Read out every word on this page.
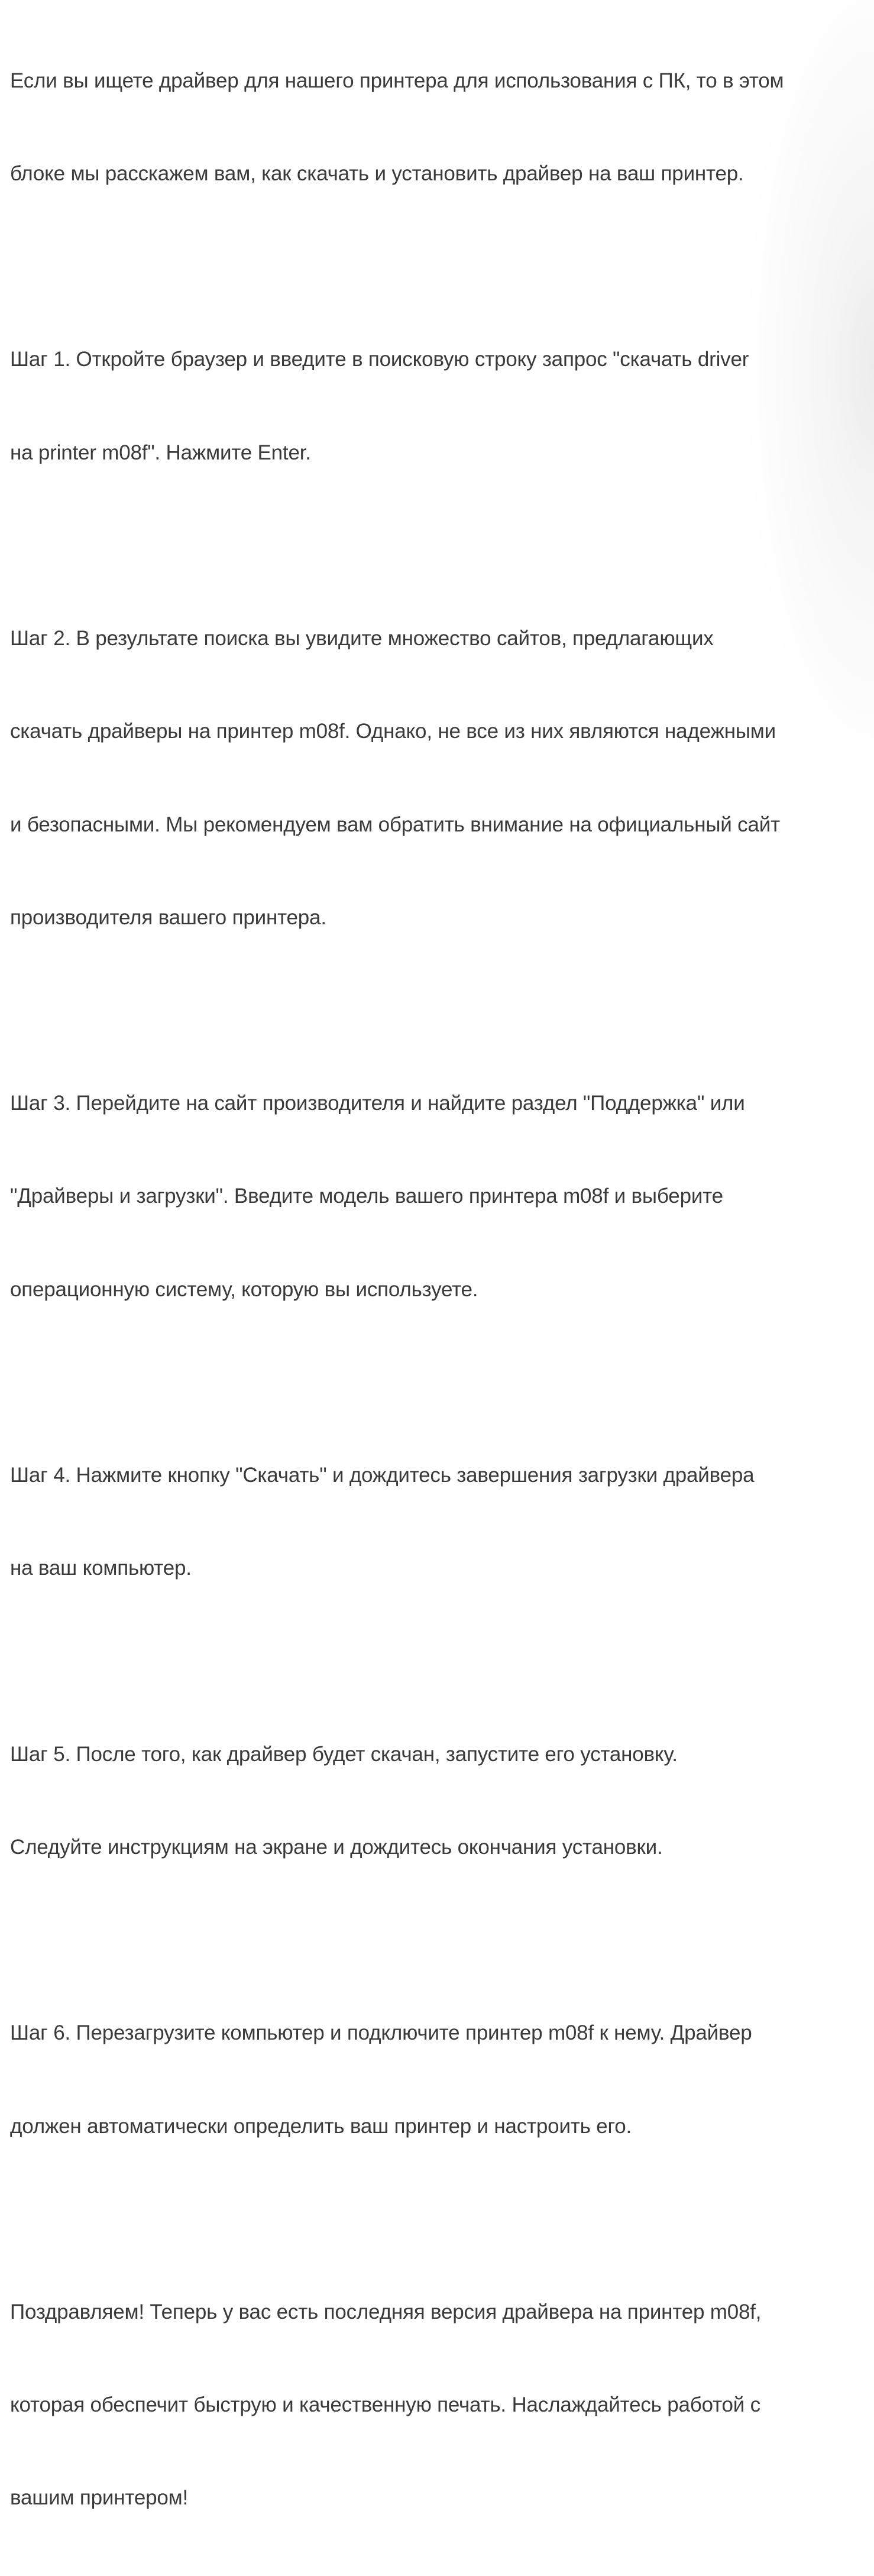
Если вы ищете драйвер для нашего принтера для использования с ПК, то в этом

блоке мы расскажем вам, как скачать и установить драйвер на ваш принтер.

Шаг 1. Откройте браузер и введите в поисковую строку запрос "скачать driver

на printer m08f". Нажмите Enter.

Шаг 2. В результате поиска вы увидите множество сайтов, предлагающих

скачать драйверы на принтер m08f. Однако, не все из них являются надежными

и безопасными. Мы рекомендуем вам обратить внимание на официальный сайт

производителя вашего принтера.

Шаг 3. Перейдите на сайт производителя и найдите раздел "Поддержка" или

"Драйверы и загрузки". Введите модель вашего принтера m08f и выберите

операционную систему, которую вы используете.

Шаг 4. Нажмите кнопку "Скачать" и дождитесь завершения загрузки драйвера

на ваш компьютер.

Шаг 5. После того, как драйвер будет скачан, запустите его установку.

Следуйте инструкциям на экране и дождитесь окончания установки.

Шаг 6. Перезагрузите компьютер и подключите принтер m08f к нему. Драйвер

должен автоматически определить ваш принтер и настроить его.

Поздравляем! Теперь у вас есть последняя версия драйвера на принтер m08f,

которая обеспечит быструю и качественную печать. Наслаждайтесь работой с

вашим принтером!
